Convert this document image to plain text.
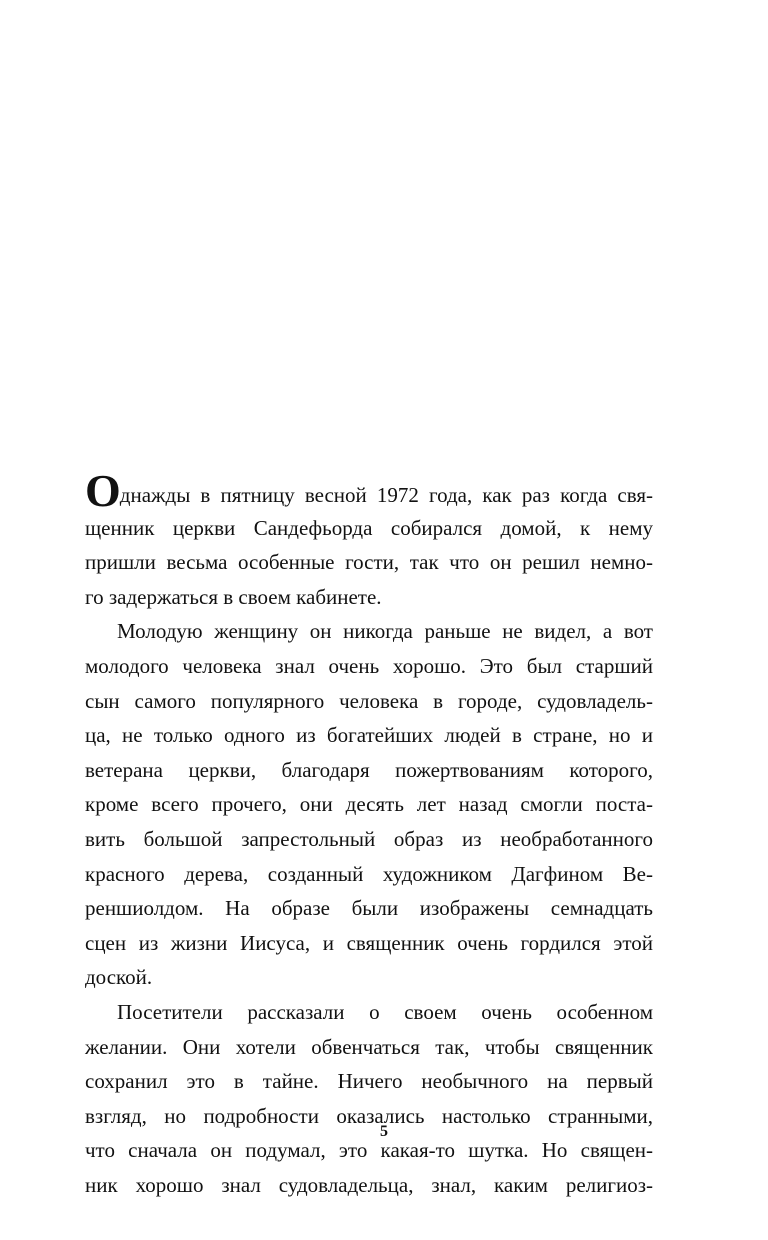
Однажды в пятницу весной 1972 года, как раз когда свя-
щенник церкви Сандефьорда собирался домой, к нему
пришли весьма особенные гости, так что он решил немно-
го задержаться в своем кабинете.
Молодую женщину он никогда раньше не видел, а вот
молодого человека знал очень хорошо. Это был старший
сын самого популярного человека в городе, судовладель-
ца, не только одного из богатейших людей в стране, но и
ветерана церкви, благодаря пожертвованиям которого,
кроме всего прочего, они десять лет назад смогли поста-
вить большой запрестольный образ из необработанного
красного дерева, созданный художником Дагфином Ве-
реншиолдом. На образе были изображены семнадцать
сцен из жизни Иисуса, и священник очень гордился этой
доской.
Посетители рассказали о своем очень особенном
желании. Они хотели обвенчаться так, чтобы священник
сохранил это в тайне. Ничего необычного на первый
взгляд, но подробности оказались настолько странными,
что сначала он подумал, это какая-то шутка. Но священ-
ник хорошо знал судовладельца, знал, каким религиоз-
5
